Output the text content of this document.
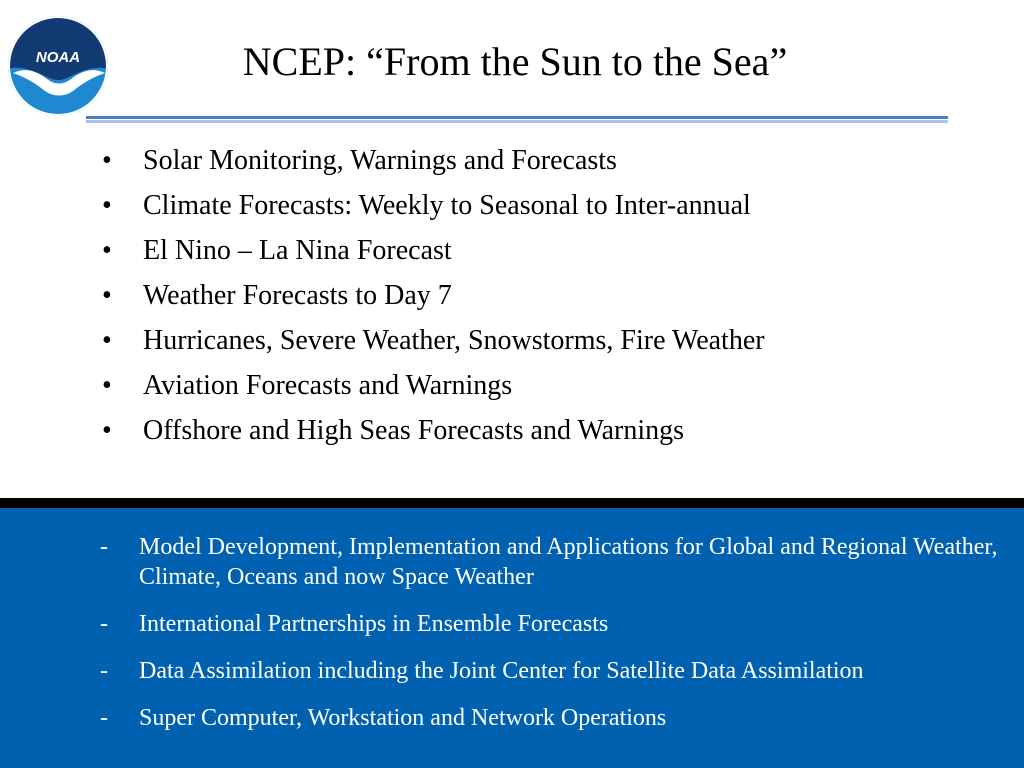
NOAA	NCEP: “From the Sun to the Sea”
• Solar Monitoring, Warnings and Forecasts
• Climate Forecasts: Weekly to Seasonal to Inter-annual
• El Nino – La Nina Forecast
• Weather Forecasts to Day 7
• Hurricanes, Severe Weather, Snowstorms, Fire Weather
• Aviation Forecasts and Warnings
• Offshore and High Seas Forecasts and Warnings
- Model Development, Implementation and Applications for Global and Regional Weather, Climate, Oceans and now Space Weather
- International Partnerships in Ensemble Forecasts
- Data Assimilation including the Joint Center for Satellite Data Assimilation
- Super Computer, Workstation and Network Operations
